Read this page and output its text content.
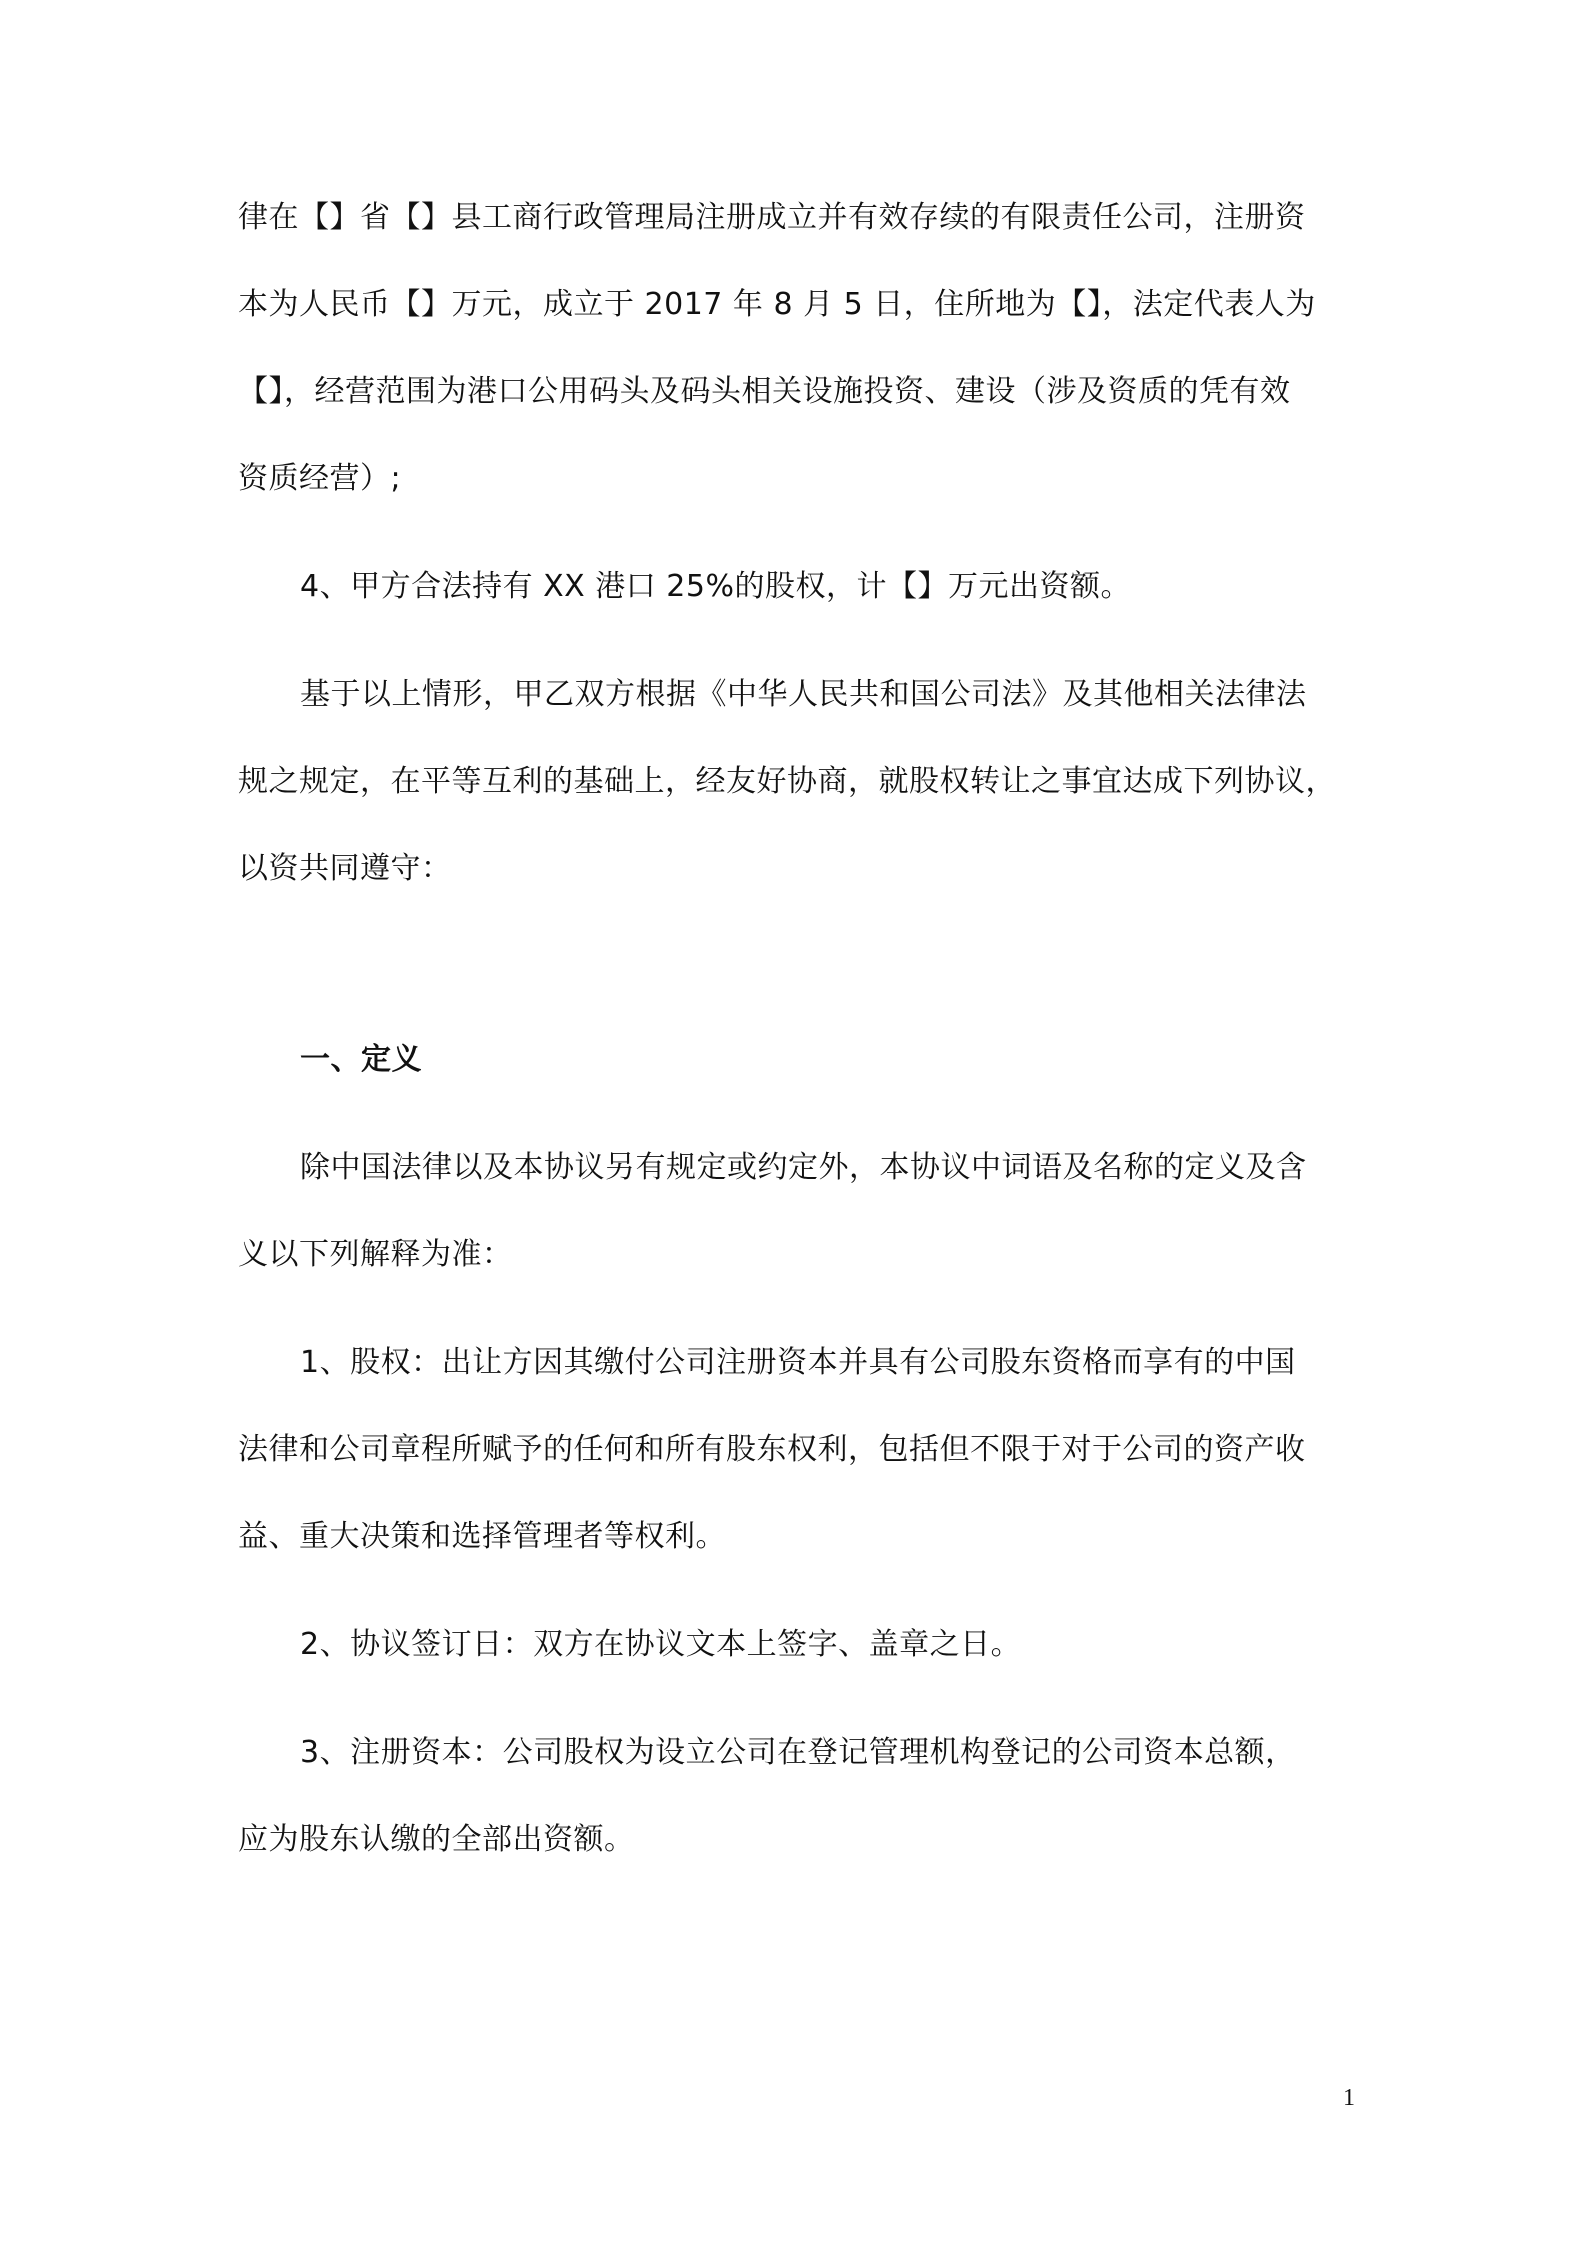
律在【】省【】县工商行政管理局注册成立并有效存续的有限责任公司，注册资
本为人民币【】万元，成立于 2017 年 8 月 5 日，住所地为【】，法定代表人为
【】，经营范围为港口公用码头及码头相关设施投资、建设（涉及资质的凭有效
资质经营）;
4、甲方合法持有 XX 港口 25%的股权，计【】万元出资额。
基于以上情形，甲乙双方根据《中华人民共和国公司法》及其他相关法律法
规之规定，在平等互利的基础上，经友好协商，就股权转让之事宜达成下列协议，
以资共同遵守：
一、定义
除中国法律以及本协议另有规定或约定外，本协议中词语及名称的定义及含
义以下列解释为准：
1、股权：出让方因其缴付公司注册资本并具有公司股东资格而享有的中国
法律和公司章程所赋予的任何和所有股东权利，包括但不限于对于公司的资产收
益、重大决策和选择管理者等权利。
2、协议签订日：双方在协议文本上签字、盖章之日。
3、注册资本：公司股权为设立公司在登记管理机构登记的公司资本总额，
应为股东认缴的全部出资额。
1
